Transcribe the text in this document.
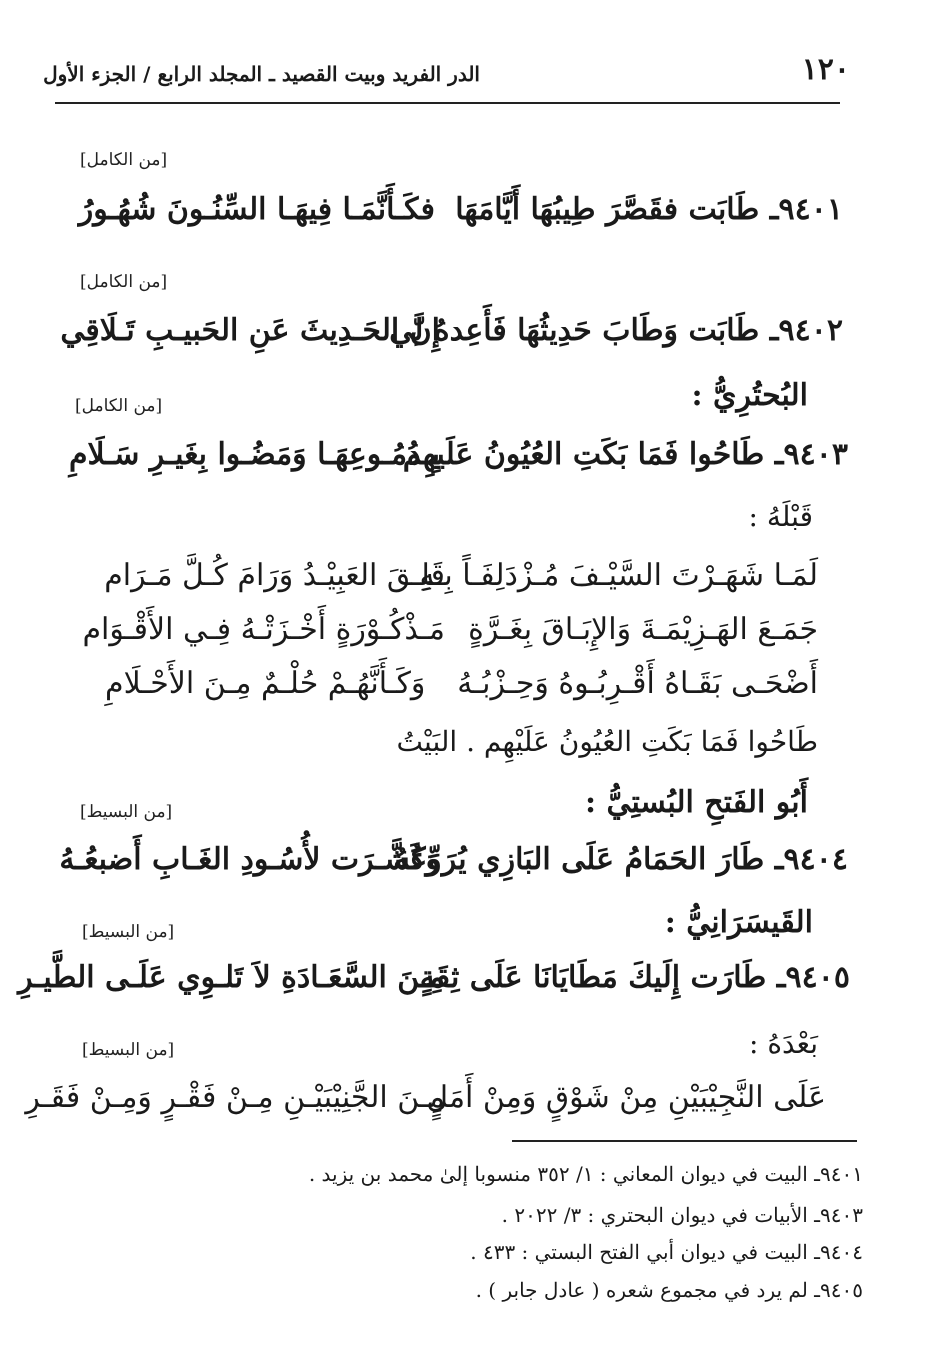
١٢٠
الدر الفريد وبيت القصيد ـ المجلد الرابع / الجزء الأول
[من الكامل]
٩٤٠١ـ طَابَت فقَصَّرَ طِيبُهَا أَيَّامَهَا
فكَـأَنَّمَـا فِيهَـا السِّنُـونَ شُهُـورُ
[من الكامل]
٩٤٠٢ـ طَابَت وَطَابَ حَدِيثُهَا فَأَعِدهُ لِي
إِنَّ الحَـدِيثَ عَنِ الحَبيـبِ تَـلَاقِي
البُحتُرِيُّ :
[من الكامل]
٩٤٠٣ـ طَاحُوا فَمَا بَكَتِ العُيُونُ عَلَيهِم
بِـدُمُـوعِهَـا وَمَضُـوا بِغَيـرِ سَـلَامِ
قَبْلَهُ :
لَمَـا شَهَـرْتَ السَّيْـفَ مُـزْدَلِفَـاً بِـهِ
قَلِـقَ العَبِيْـدُ وَرَامَ كُـلَّ مَـرَام
جَمَـعَ الهَـزِيْمَـةَ وَالإِبَـاقَ بِغَـرَّةٍ
مَـذْكُـوْرَةٍ أَخْـزَتْـهُ فِـي الأَقْـوَام
أَضْحَـى بَقَـاهُ أَقْـرِبُـوهُ وَحِـزْبُـهُ
وَكَـأَنَّهُـمْ حُلْـمٌ مِـنَ الأَحْـلَامِ
طَاحُوا فَمَا بَكَتِ العُيُونُ عَلَيْهِم . البَيْتُ
أَبُو الفَتحِ البُستِيُّ :
[من البسيط]
٩٤٠٤ـ طَارَ الحَمَامُ عَلَى البَازِي يُرَوِّعُهُ
وَكَشَّـرَت لأُسُـودِ الغَـابِ أَضبعُـهُ
القَيسَرَانِيُّ :
[من البسيط]
٩٤٠٥ـ طَارَت إِلَيكَ مَطَايَانَا عَلَى ثِقَةٍ
مِـنَ السَّعَـادَةِ لاَ تَلـوِي عَلَـى الطَّيـرِ
بَعْدَهُ :
[من البسيط]
عَلَى النَّجِيْبَيْنِ مِنْ شَوْقٍ وَمِنْ أَمَلٍ
مِـنَ الجَّنِيْبَيْـنِ مِـنْ فَقْـرٍ وَمِـنْ فَقَـرِ
٩٤٠١ـ البيت في ديوان المعاني : ١/ ٣٥٢ منسوبا إلىٰ محمد بن يزيد .
٩٤٠٣ـ الأبيات في ديوان البحتري : ٣/ ٢٠٢٢ .
٩٤٠٤ـ البيت في ديوان أبي الفتح البستي : ٤٣٣ .
٩٤٠٥ـ لم يرد في مجموع شعره ( عادل جابر ) .
